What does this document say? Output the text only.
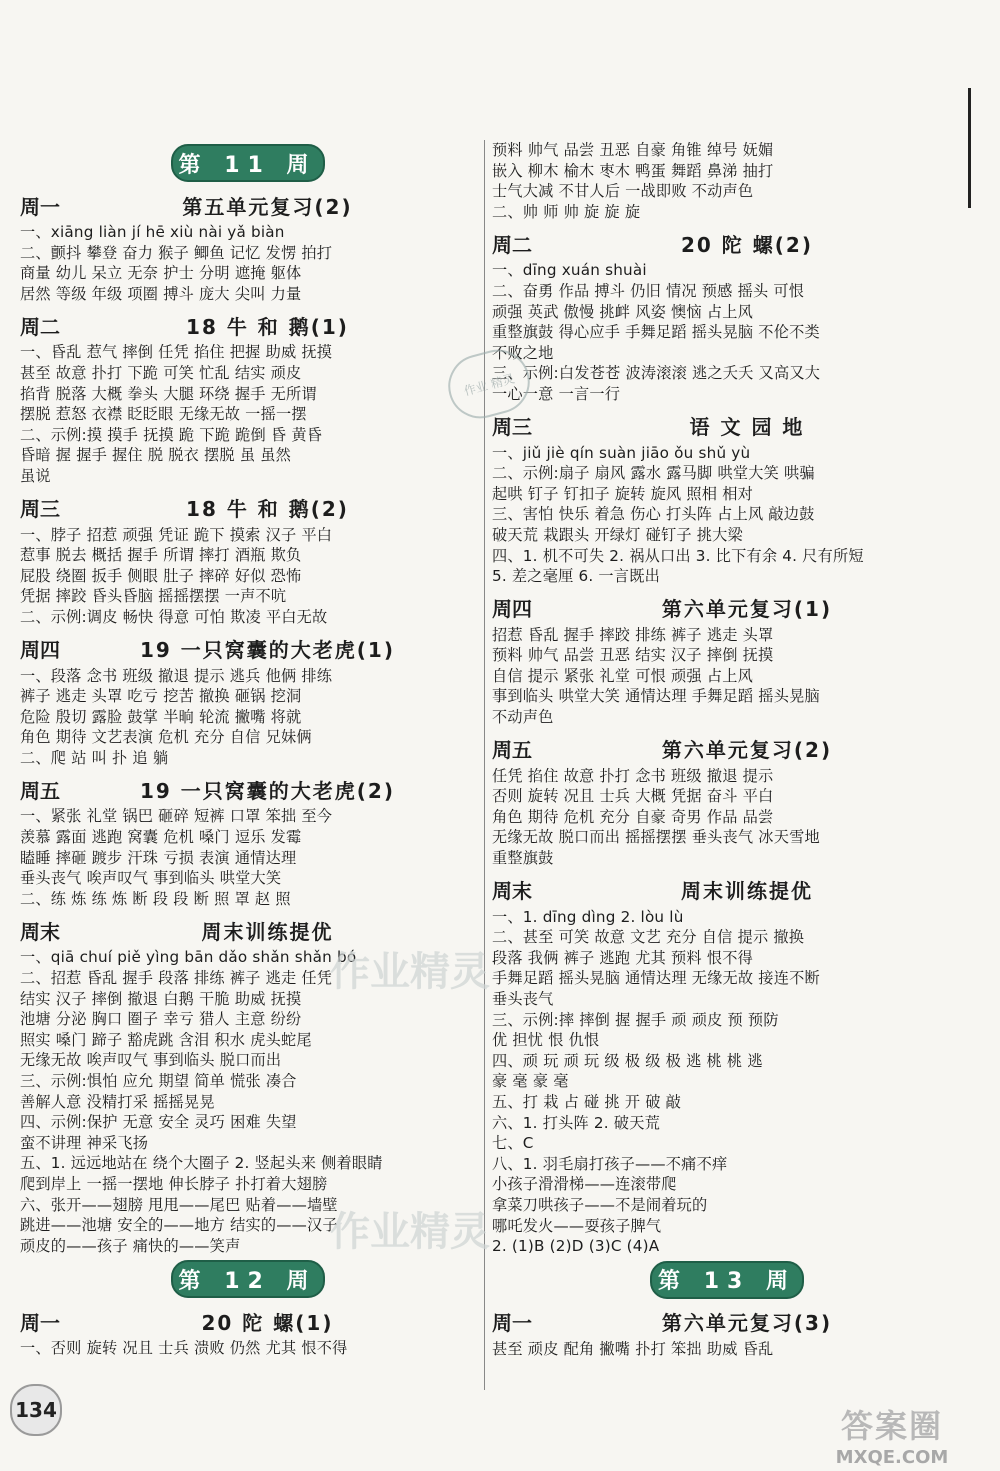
第 11 周
周一	第五单元复习(2)
一、xiāng liàn jí hē xiù nài yǎ biàn
二、颤抖 攀登 奋力 猴子 鲫鱼 记忆 发愣 拍打
商量 幼儿 呆立 无奈 护士 分明 遮掩 躯体
居然 等级 年级 项圈 搏斗 庞大 尖叫 力量
周二	18 牛 和 鹅(1)
一、昏乱 惹气 摔倒 任凭 掐住 把握 助威 抚摸
甚至 故意 扑打 下跪 可笑 忙乱 结实 顽皮
掐背 脱落 大概 拳头 大腿 环绕 握手 无所谓
摆脱 惹怒 衣襟 眨眨眼 无缘无故 一摇一摆
二、示例:摸 摸手 抚摸 跪 下跪 跪倒 昏 黄昏
昏暗 握 握手 握住 脱 脱衣 摆脱 虽 虽然
虽说
周三	18 牛 和 鹅(2)
一、脖子 招惹 顽强 凭证 跪下 摸索 汉子 平白
惹事 脱去 概括 握手 所谓 摔打 酒瓶 欺负
屁股 绕圈 扳手 侧眼 肚子 摔碎 好似 恐怖
凭据 摔跤 昏头昏脑 摇摇摆摆 一声不吭
二、示例:调皮 畅快 得意 可怕 欺凌 平白无故
周四	19 一只窝囊的大老虎(1)
一、段落 念书 班级 撤退 提示 逃兵 他俩 排练
裤子 逃走 头罩 吃亏 挖苦 撤换 砸锅 挖洞
危险 殷切 露脸 鼓掌 半晌 轮流 撇嘴 将就
角色 期待 文艺表演 危机 充分 自信 兄妹俩
二、爬 站 叫 扑 追 躺
周五	19 一只窝囊的大老虎(2)
一、紧张 礼堂 锅巴 砸碎 短裤 口罩 笨拙 至今
羡慕 露面 逃跑 窝囊 危机 嗓门 逗乐 发霉
瞌睡 摔砸 踱步 汗珠 亏损 表演 通情达理
垂头丧气 唉声叹气 事到临头 哄堂大笑
二、练 炼 练 炼 断 段 段 断 照 罩 赵 照
周末	周末训练提优
一、qiā chuí piě yìng bān dǎo shǎn shǎn bó
二、招惹 昏乱 握手 段落 排练 裤子 逃走 任凭
结实 汉子 摔倒 撤退 白鹅 干脆 助威 抚摸
池塘 分泌 胸口 圈子 幸亏 猎人 主意 纷纷
照实 嗓门 蹄子 豁虎跳 含泪 积水 虎头蛇尾
无缘无故 唉声叹气 事到临头 脱口而出
三、示例:惧怕 应允 期望 简单 慌张 凑合
善解人意 没精打采 摇摇晃晃
四、示例:保护 无意 安全 灵巧 困难 失望
蛮不讲理 神采飞扬
五、1. 远远地站在 绕个大圈子 2. 竖起头来 侧着眼睛
爬到岸上 一摇一摆地 伸长脖子 扑打着大翅膀
六、张开——翅膀 甩甩——尾巴 贴着——墙壁
跳进——池塘 安全的——地方 结实的——汉子
顽皮的——孩子 痛快的——笑声
第 12 周
周一	20 陀 螺(1)
一、否则 旋转 况且 士兵 溃败 仍然 尤其 恨不得
预料 帅气 品尝 丑恶 自豪 角锥 绰号 妩媚
嵌入 柳木 榆木 枣木 鸭蛋 舞蹈 鼻涕 抽打
士气大减 不甘人后 一战即败 不动声色
二、帅 师 帅 旋 旋 旋
周二	20 陀 螺(2)
一、dīng xuán shuài
二、奋勇 作品 搏斗 仍旧 情况 预感 摇头 可恨
顽强 英武 傲慢 挑衅 风姿 懊恼 占上风
重整旗鼓 得心应手 手舞足蹈 摇头晃脑 不伦不类
不败之地
三、示例:白发苍苍 波涛滚滚 逃之夭夭 又高又大
一心一意 一言一行
周三	语 文 园 地
一、jiǔ jiè qín suàn jiāo ǒu shǔ yù
二、示例:扇子 扇风 露水 露马脚 哄堂大笑 哄骗
起哄 钉子 钉扣子 旋转 旋风 照相 相对
三、害怕 快乐 着急 伤心 打头阵 占上风 敲边鼓
破天荒 栽跟头 开绿灯 碰钉子 挑大梁
四、1. 机不可失 2. 祸从口出 3. 比下有余 4. 尺有所短
5. 差之毫厘 6. 一言既出
周四	第六单元复习(1)
招惹 昏乱 握手 摔跤 排练 裤子 逃走 头罩
预料 帅气 品尝 丑恶 结实 汉子 摔倒 抚摸
自信 提示 紧张 礼堂 可恨 顽强 占上风
事到临头 哄堂大笑 通情达理 手舞足蹈 摇头晃脑
不动声色
周五	第六单元复习(2)
任凭 掐住 故意 扑打 念书 班级 撤退 提示
否则 旋转 况且 士兵 大概 凭据 奋斗 平白
角色 期待 危机 充分 自豪 奇男 作品 品尝
无缘无故 脱口而出 摇摇摆摆 垂头丧气 冰天雪地
重整旗鼓
周末	周末训练提优
一、1. dīng dìng 2. lòu lù
二、甚至 可笑 故意 文艺 充分 自信 提示 撤换
段落 我俩 裤子 逃跑 尤其 预料 恨不得
手舞足蹈 摇头晃脑 通情达理 无缘无故 接连不断
垂头丧气
三、示例:摔 摔倒 握 握手 顽 顽皮 预 预防
优 担忧 恨 仇恨
四、顽 玩 顽 玩 级 极 级 极 逃 桃 桃 逃
豪 毫 豪 毫
五、打 栽 占 碰 挑 开 破 敲
六、1. 打头阵 2. 破天荒
七、C
八、1. 羽毛扇打孩子——不痛不痒
小孩子滑滑梯——连滚带爬
拿菜刀哄孩子——不是闹着玩的
哪吒发火——耍孩子脾气
2. (1)B (2)D (3)C (4)A
第 13 周
周一	第六单元复习(3)
甚至 顽皮 配角 撇嘴 扑打 笨拙 助威 昏乱
作业 精灵
作业精灵
作业精灵
134	答案圈
MXQE.COM
